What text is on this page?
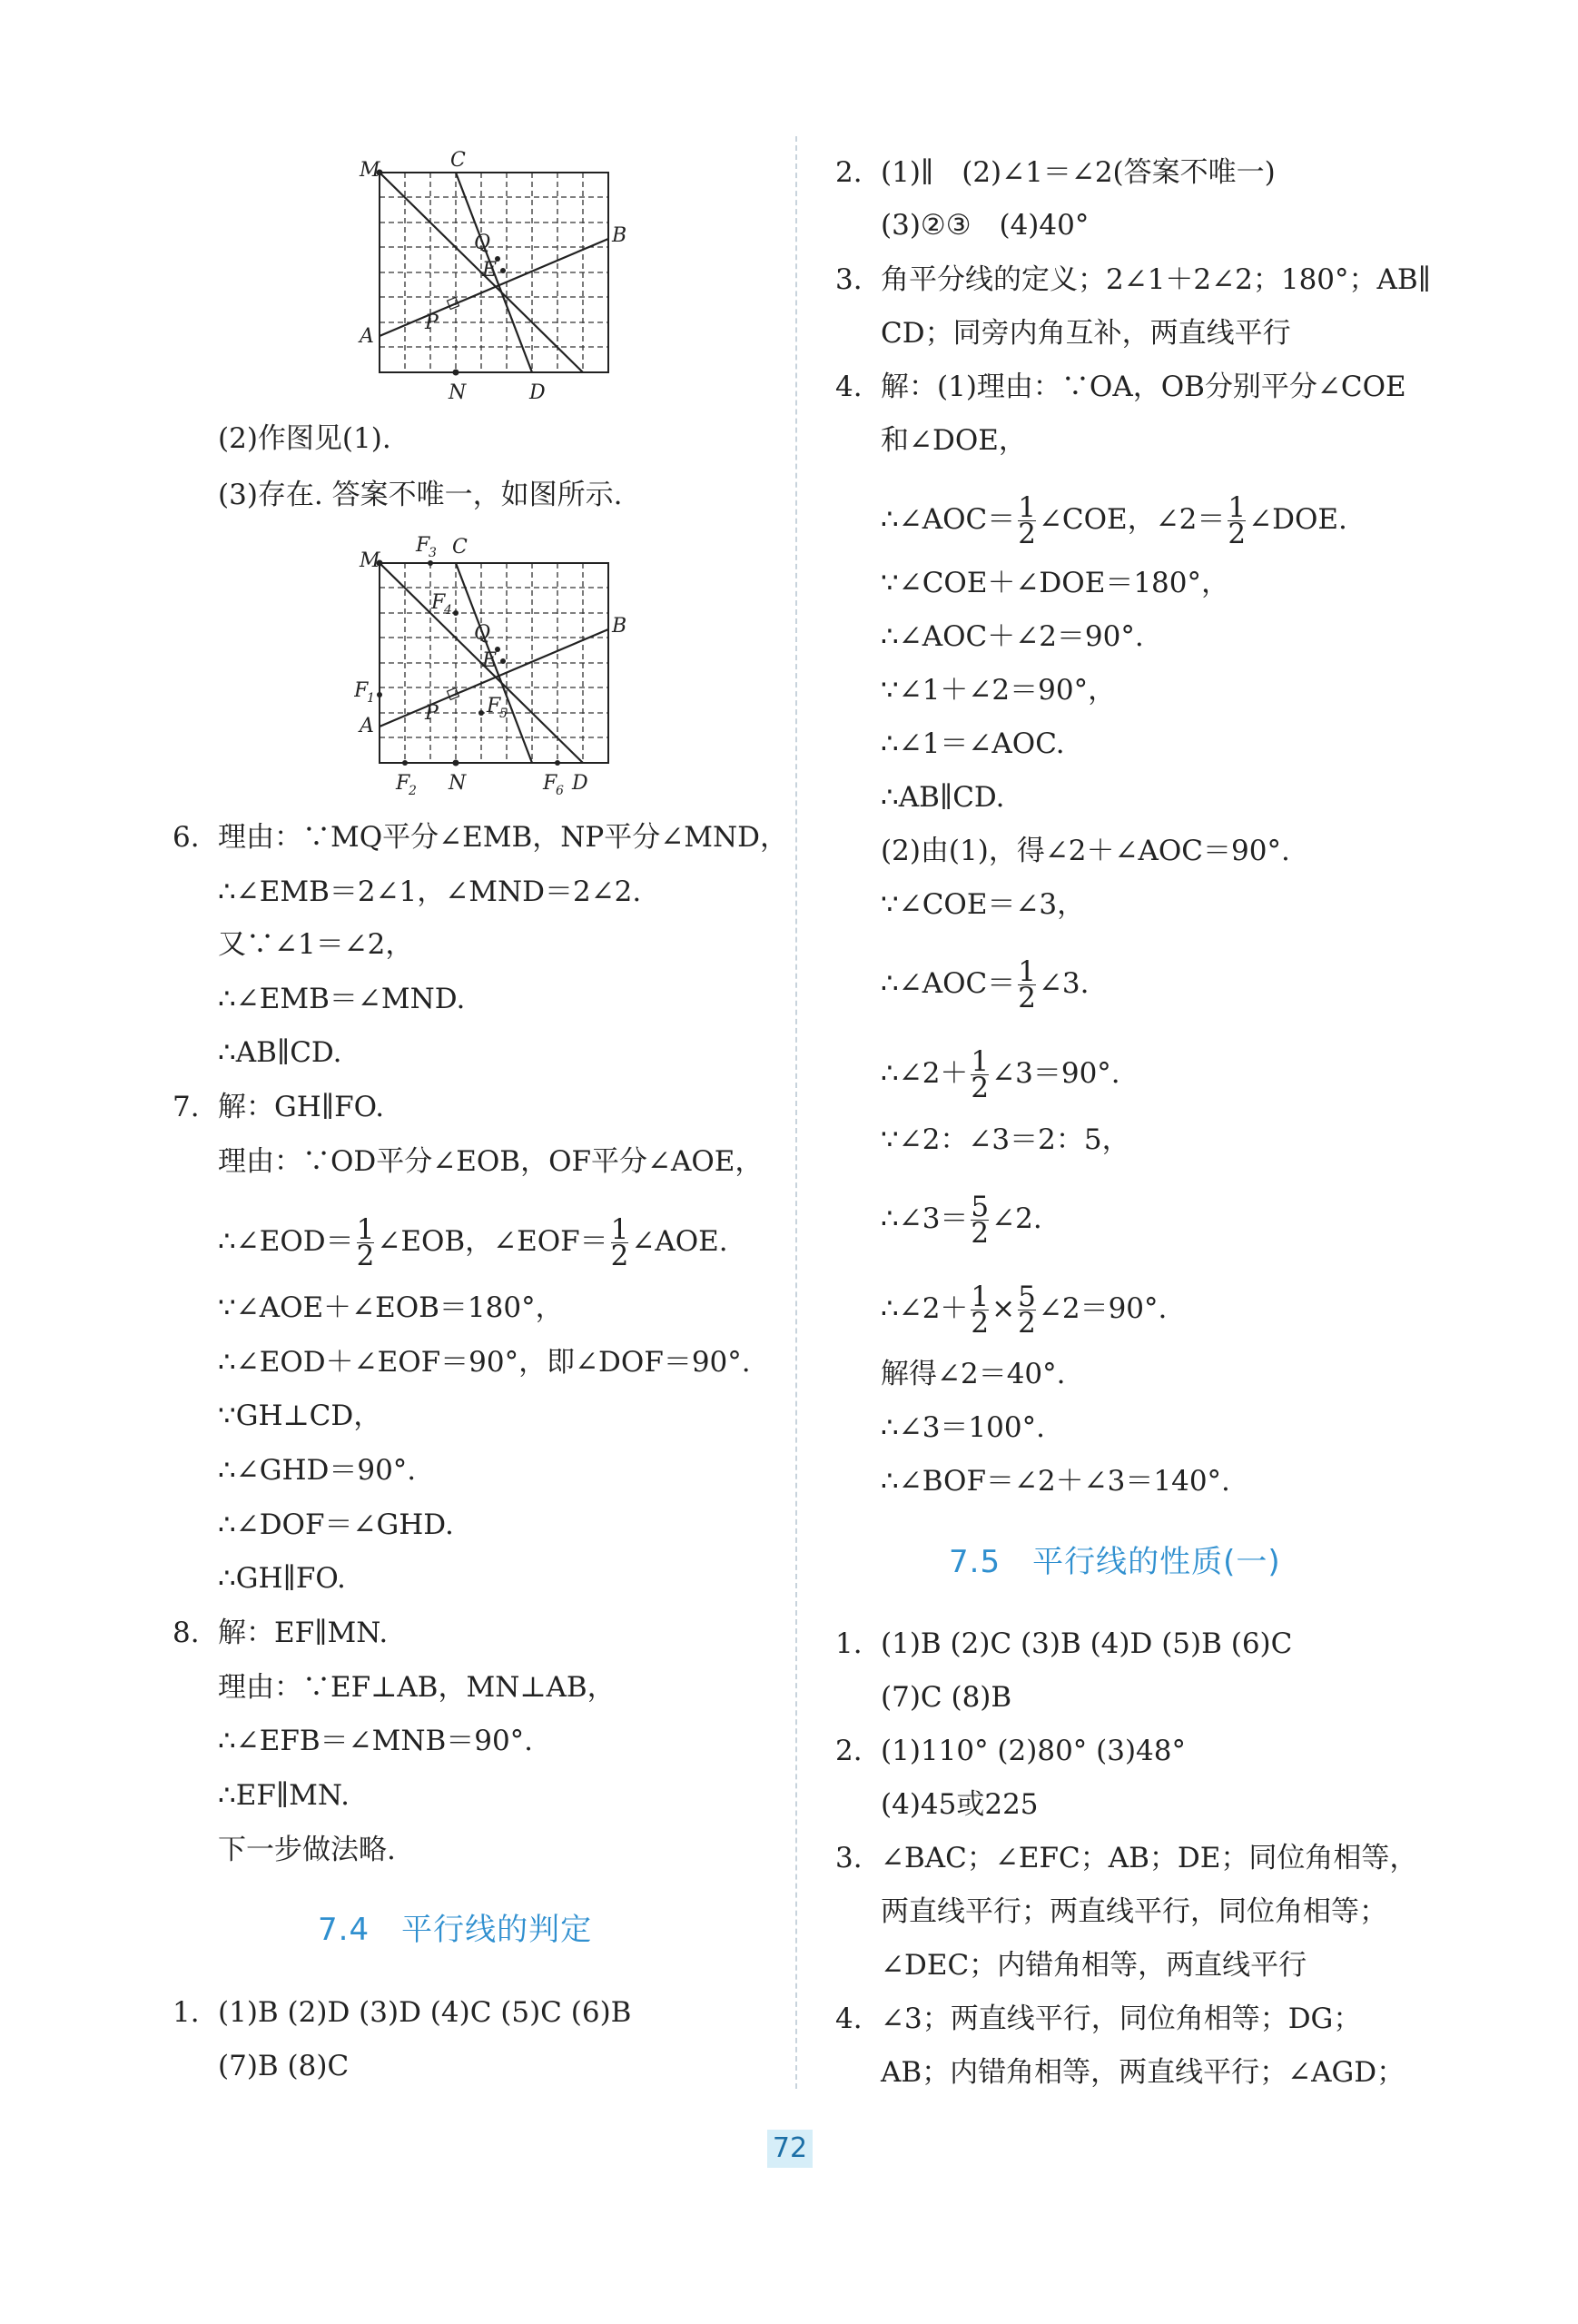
M	C
Q	B
E
A
P
N	D
(2)作图见(1).
(3)存在. 答案不唯一，如图所示.
M
F
3 C
F
4
Q	B
E
F
1
A
P F
5
F
2 N	F
6 D
6. 理由：∵MQ平分∠EMB，NP平分∠MND，
∴∠EMB＝2∠1，∠MND＝2∠2.
又∵∠1＝∠2，
∴∠EMB＝∠MND.
∴AB∥CD.
7. 解：GH∥FO.
理由：∵OD平分∠EOB，OF平分∠AOE，
∴∠EOD＝ $\frac{1}{2}$ ∠EOB，∠EOF＝ $\frac{1}{2}$ ∠AOE.
∵∠AOE＋∠EOB＝180°，
∴∠EOD＋∠EOF＝90°，即∠DOF＝90°.
∵GH⊥CD，
∴∠GHD＝90°.
∴∠DOF＝∠GHD.
∴GH∥FO.
8. 解：EF∥MN.
理由：∵EF⊥AB，MN⊥AB，
∴∠EFB＝∠MNB＝90°.
∴EF∥MN.
下一步做法略.
7.4　平行线的判定
1. (1)B (2)D (3)D (4)C (5)C (6)B
(7)B (8)C
2. (1)∥　(2)∠1＝∠2(答案不唯一)
(3)②③　(4)40°
3. 角平分线的定义；2∠1＋2∠2；180°；AB∥
CD；同旁内角互补，两直线平行
4. 解：(1)理由：∵OA，OB分别平分∠COE
和∠DOE，
∴∠AOC＝ $\frac{1}{2}$ ∠COE，∠2＝ $\frac{1}{2}$ ∠DOE.
∵∠COE＋∠DOE＝180°，
∴∠AOC＋∠2＝90°.
∵∠1＋∠2＝90°，
∴∠1＝∠AOC.
∴AB∥CD.
(2)由(1)，得∠2＋∠AOC＝90°.
∵∠COE＝∠3，
∴∠AOC＝ $\frac{1}{2}$ ∠3.
∴∠2＋ $\frac{1}{2}$ ∠3＝90°.
∵∠2：∠3＝2：5，
∴∠3＝ $\frac{5}{2}$ ∠2.
∴∠2＋ $\frac{1}{2} \times \frac{5}{2}$ ∠2＝90°.
解得∠2＝40°.
∴∠3＝100°.
∴∠BOF＝∠2＋∠3＝140°.
7.5　平行线的性质(一)
1. (1)B (2)C (3)B (4)D (5)B (6)C
(7)C (8)B
2. (1)110° (2)80° (3)48°
(4)45或225
3. ∠BAC；∠EFC；AB；DE；同位角相等，
两直线平行；两直线平行，同位角相等；
∠DEC；内错角相等，两直线平行
4. ∠3；两直线平行，同位角相等；DG；
AB；内错角相等，两直线平行；∠AGD；
72
